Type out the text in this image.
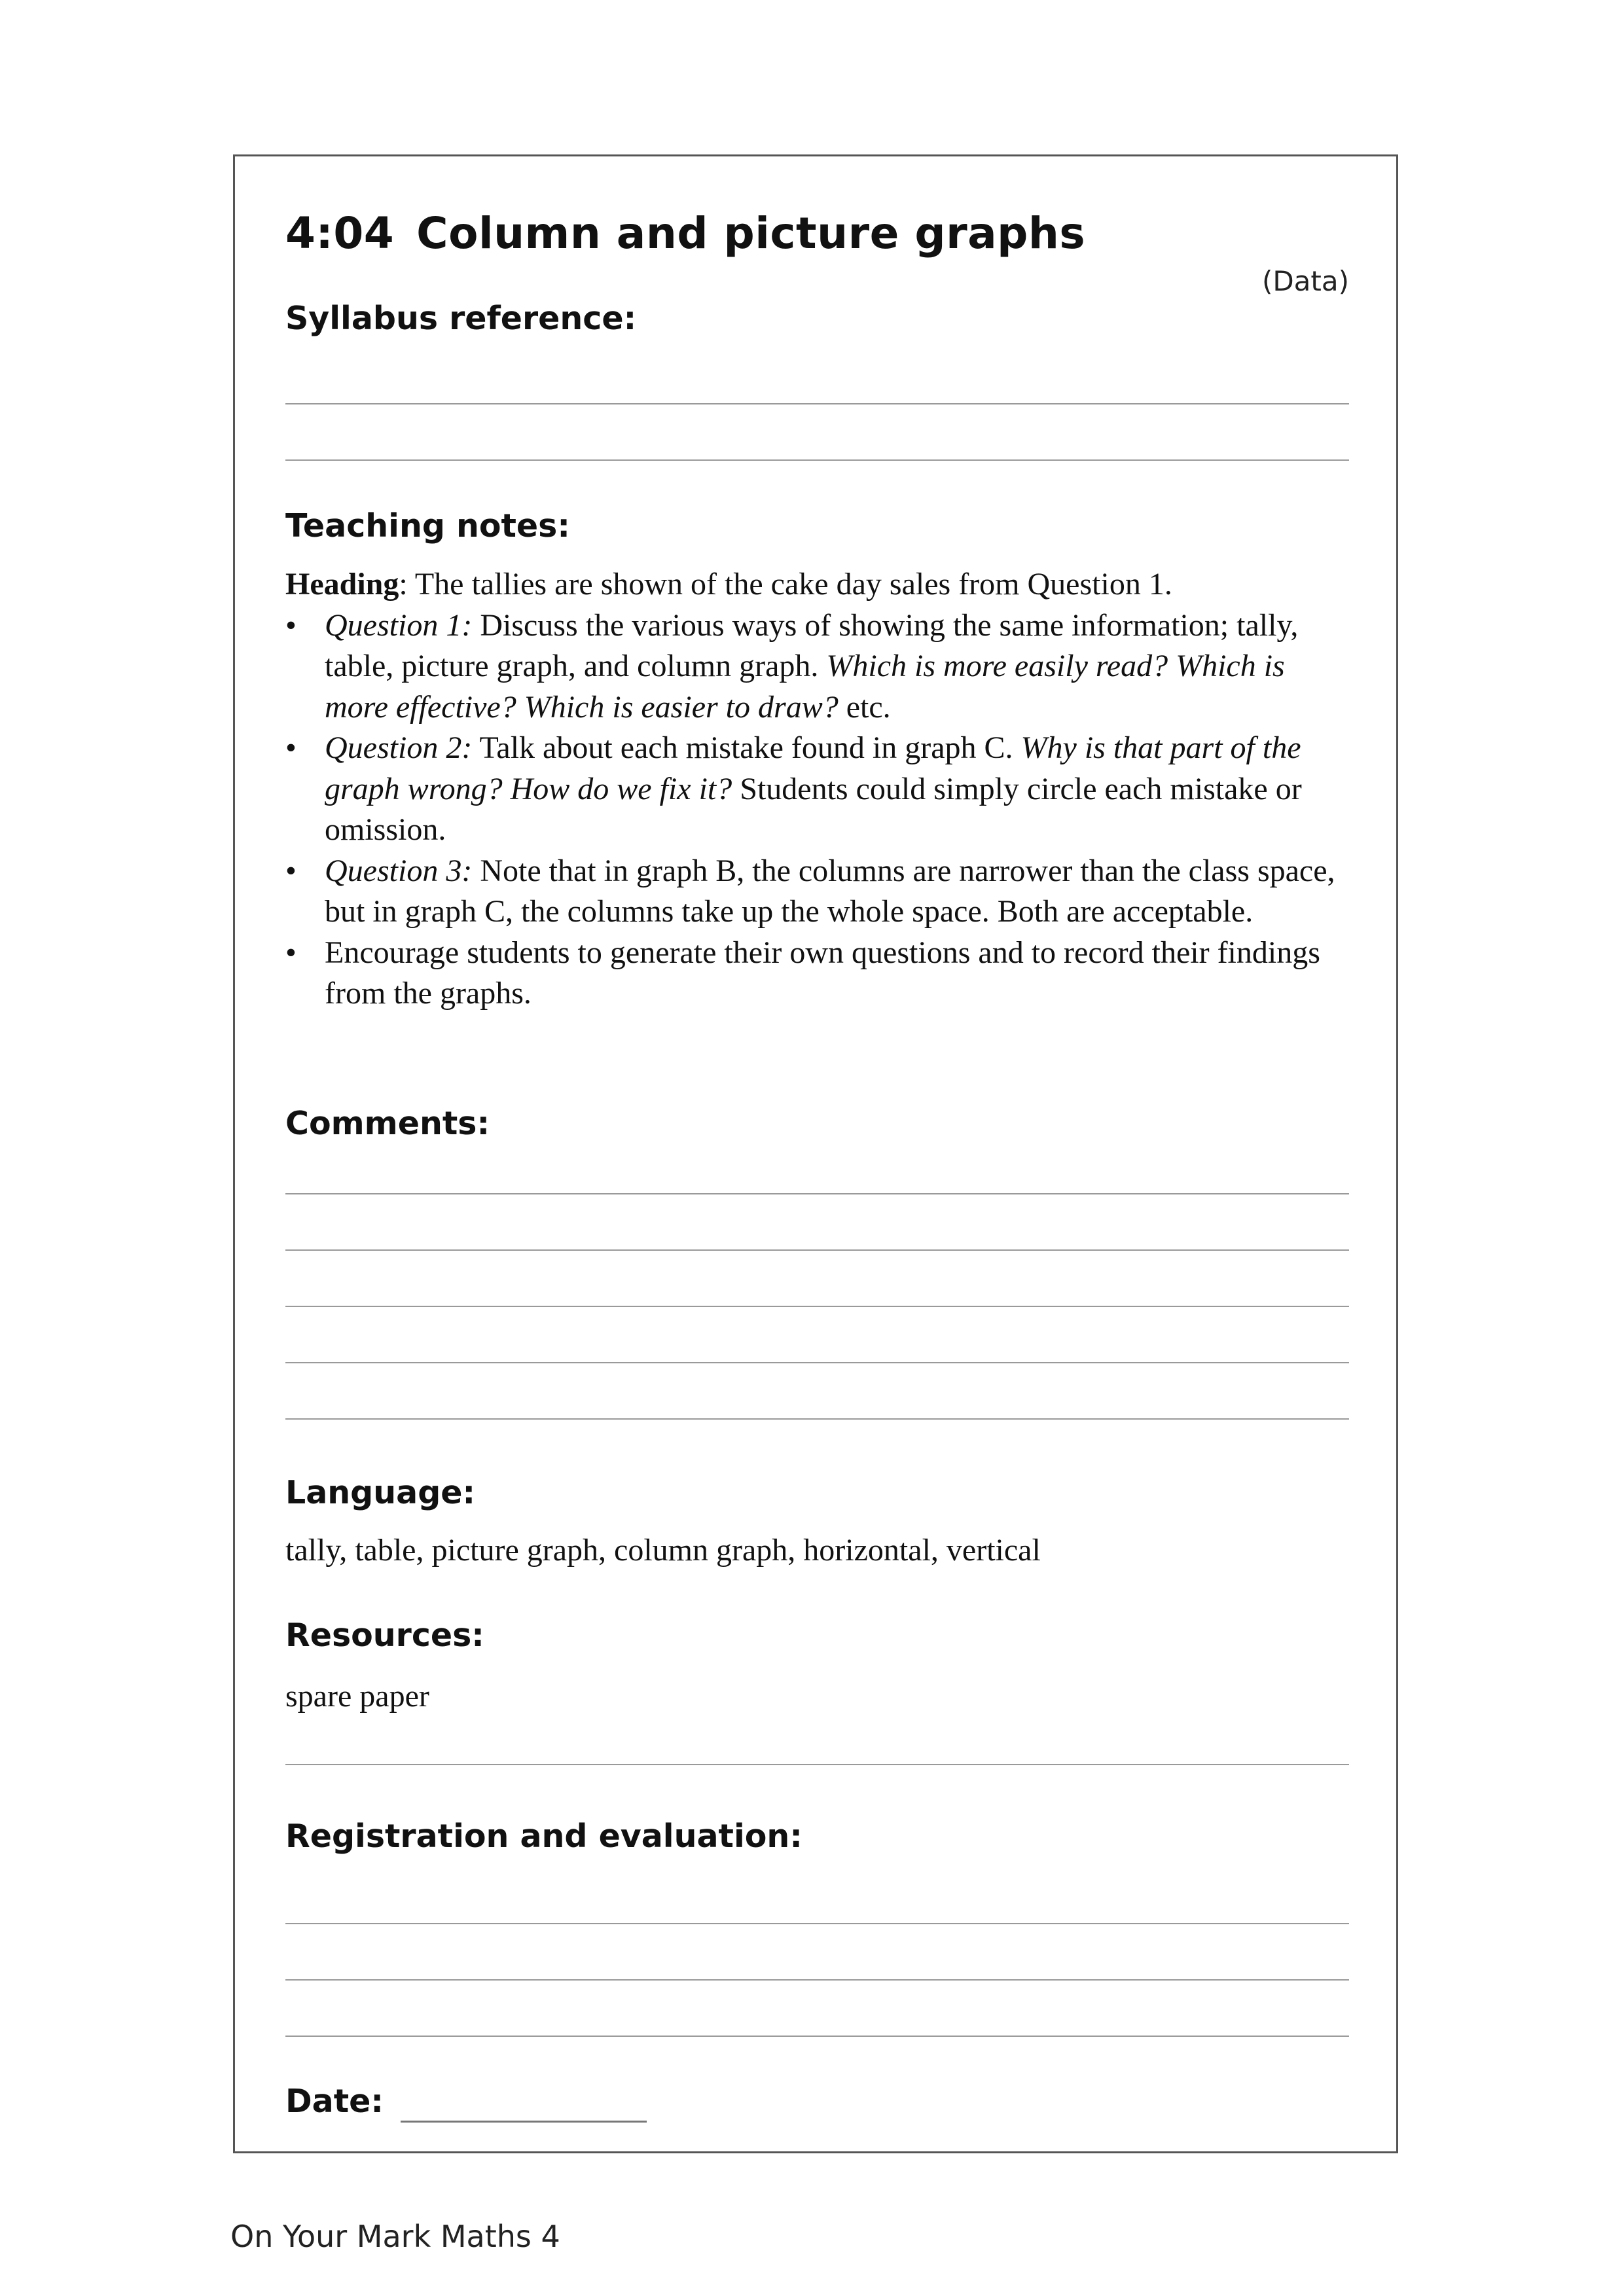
4:04 Column and picture graphs
(Data)
Syllabus reference:
Teaching notes:
Heading: The tallies are shown of the cake day sales from Question 1.
• Question 1: Discuss the various ways of showing the same information; tally, table, picture graph, and column graph. Which is more easily read? Which is more effective? Which is easier to draw? etc.
• Question 2: Talk about each mistake found in graph C. Why is that part of the graph wrong? How do we fix it? Students could simply circle each mistake or omission.
• Question 3: Note that in graph B, the columns are narrower than the class space, but in graph C, the columns take up the whole space. Both are acceptable.
• Encourage students to generate their own questions and to record their findings from the graphs.
Comments:
Language:
tally, table, picture graph, column graph, horizontal, vertical
Resources:
spare paper
Registration and evaluation:
Date:
On Your Mark Maths 4
